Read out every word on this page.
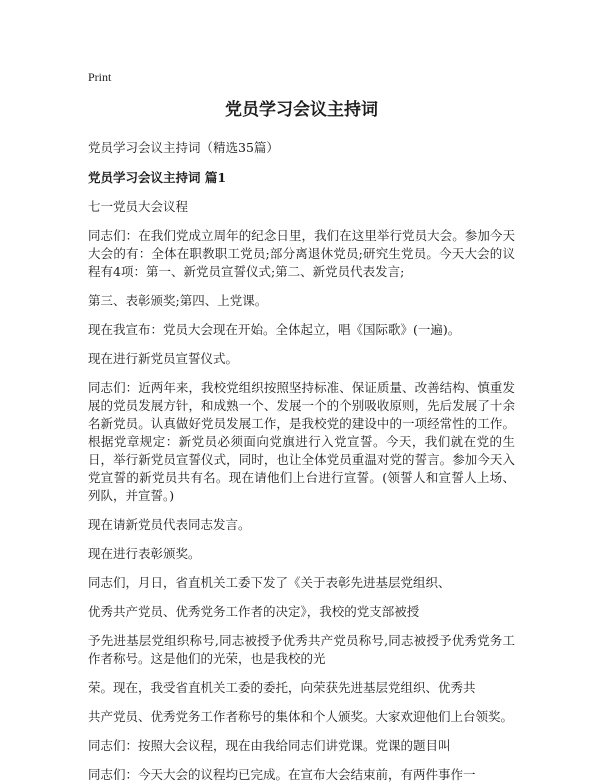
Print
党员学习会议主持词
党员学习会议主持词（精选35篇）
党员学习会议主持词 篇1
七一党员大会议程
同志们：在我们党成立周年的纪念日里，我们在这里举行党员大会。参加今天大会的有：全体在职教职工党员;部分离退休党员;研究生党员。今天大会的议程有4项：第一、新党员宣誓仪式;第二、新党员代表发言;
第三、表彰颁奖;第四、上党课。
现在我宣布：党员大会现在开始。全体起立，唱《国际歌》(一遍)。
现在进行新党员宣誓仪式。
同志们：近两年来，我校党组织按照坚持标准、保证质量、改善结构、慎重发展的党员发展方针，和成熟一个、发展一个的个别吸收原则，先后发展了十余名新党员。认真做好党员发展工作，是我校党的建设中的一项经常性的工作。根据党章规定：新党员必须面向党旗进行入党宣誓。今天，我们就在党的生日，举行新党员宣誓仪式，同时，也让全体党员重温对党的誓言。参加今天入党宣誓的新党员共有名。现在请他们上台进行宣誓。(领誓人和宣誓人上场、列队，并宣誓。)
现在请新党员代表同志发言。
现在进行表彰颁奖。
同志们，月日，省直机关工委下发了《关于表彰先进基层党组织、
优秀共产党员、优秀党务工作者的决定》，我校的党支部被授
予先进基层党组织称号,同志被授予优秀共产党员称号,同志被授予优秀党务工作者称号。这是他们的光荣，也是我校的光
荣。现在，我受省直机关工委的委托，向荣获先进基层党组织、优秀共
共产党员、优秀党务工作者称号的集体和个人颁奖。大家欢迎他们上台领奖。
同志们：按照大会议程，现在由我给同志们讲党课。党课的题目叫
同志们：今天大会的议程均已完成。在宣布大会结束前，有两件事作一
